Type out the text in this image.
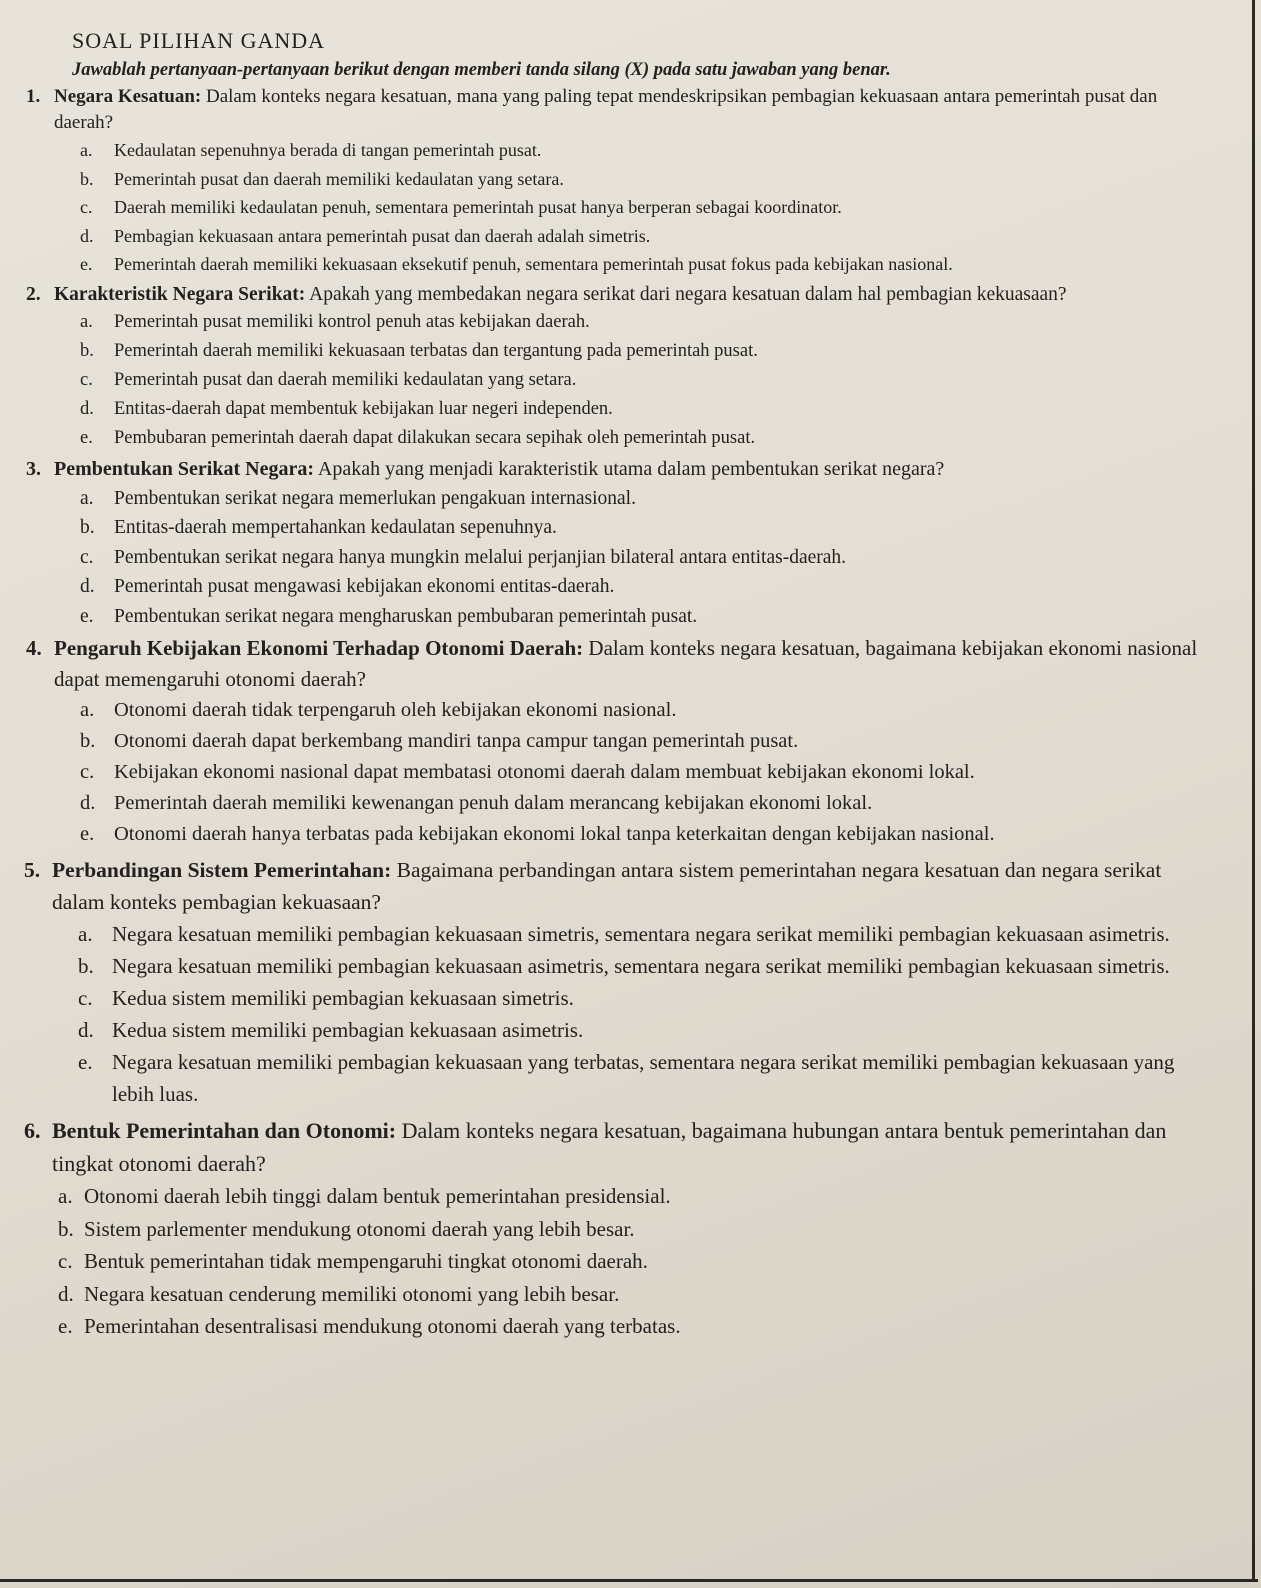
SOAL PILIHAN GANDA
Jawablah pertanyaan-pertanyaan berikut dengan memberi tanda silang (X) pada satu jawaban yang benar.
1. Negara Kesatuan: Dalam konteks negara kesatuan, mana yang paling tepat mendeskripsikan pembagian kekuasaan antara pemerintah pusat dan daerah?
a.	Kedaulatan sepenuhnya berada di tangan pemerintah pusat.
b.	Pemerintah pusat dan daerah memiliki kedaulatan yang setara.
c.	Daerah memiliki kedaulatan penuh, sementara pemerintah pusat hanya berperan sebagai koordinator.
d.	Pembagian kekuasaan antara pemerintah pusat dan daerah adalah simetris.
e.	Pemerintah daerah memiliki kekuasaan eksekutif penuh, sementara pemerintah pusat fokus pada kebijakan nasional.
2. Karakteristik Negara Serikat: Apakah yang membedakan negara serikat dari negara kesatuan dalam hal pembagian kekuasaan?
a.	Pemerintah pusat memiliki kontrol penuh atas kebijakan daerah.
b.	Pemerintah daerah memiliki kekuasaan terbatas dan tergantung pada pemerintah pusat.
c.	Pemerintah pusat dan daerah memiliki kedaulatan yang setara.
d.	Entitas-daerah dapat membentuk kebijakan luar negeri independen.
e.	Pembubaran pemerintah daerah dapat dilakukan secara sepihak oleh pemerintah pusat.
3. Pembentukan Serikat Negara: Apakah yang menjadi karakteristik utama dalam pembentukan serikat negara?
a.	Pembentukan serikat negara memerlukan pengakuan internasional.
b. Entitas-daerah mempertahankan kedaulatan sepenuhnya.
c.	Pembentukan serikat negara hanya mungkin melalui perjanjian bilateral antara entitas-daerah.
d. Pemerintah pusat mengawasi kebijakan ekonomi entitas-daerah.
e.	Pembentukan serikat negara mengharuskan pembubaran pemerintah pusat.
4. Pengaruh Kebijakan Ekonomi Terhadap Otonomi Daerah: Dalam konteks negara kesatuan, bagaimana kebijakan ekonomi nasional dapat memengaruhi otonomi daerah?
a. Otonomi daerah tidak terpengaruh oleh kebijakan ekonomi nasional.
b. Otonomi daerah dapat berkembang mandiri tanpa campur tangan pemerintah pusat.
c. Kebijakan ekonomi nasional dapat membatasi otonomi daerah dalam membuat kebijakan ekonomi lokal.
d. Pemerintah daerah memiliki kewenangan penuh dalam merancang kebijakan ekonomi lokal.
e. Otonomi daerah hanya terbatas pada kebijakan ekonomi lokal tanpa keterkaitan dengan kebijakan nasional.
5. Perbandingan Sistem Pemerintahan: Bagaimana perbandingan antara sistem pemerintahan negara kesatuan dan negara serikat dalam konteks pembagian kekuasaan?
a. Negara kesatuan memiliki pembagian kekuasaan simetris, sementara negara serikat memiliki pembagian kekuasaan asimetris.
b. Negara kesatuan memiliki pembagian kekuasaan asimetris, sementara negara serikat memiliki pembagian kekuasaan simetris.
c. Kedua sistem memiliki pembagian kekuasaan simetris.
d. Kedua sistem memiliki pembagian kekuasaan asimetris.
e. Negara kesatuan memiliki pembagian kekuasaan yang terbatas, sementara negara serikat memiliki pembagian kekuasaan yang lebih luas.
6. Bentuk Pemerintahan dan Otonomi: Dalam konteks negara kesatuan, bagaimana hubungan antara bentuk pemerintahan dan tingkat otonomi daerah?
a. Otonomi daerah lebih tinggi dalam bentuk pemerintahan presidensial.
b. Sistem parlementer mendukung otonomi daerah yang lebih besar.
c. Bentuk pemerintahan tidak mempengaruhi tingkat otonomi daerah.
d. Negara kesatuan cenderung memiliki otonomi yang lebih besar.
e. Pemerintahan desentralisasi mendukung otonomi daerah yang terbatas.
